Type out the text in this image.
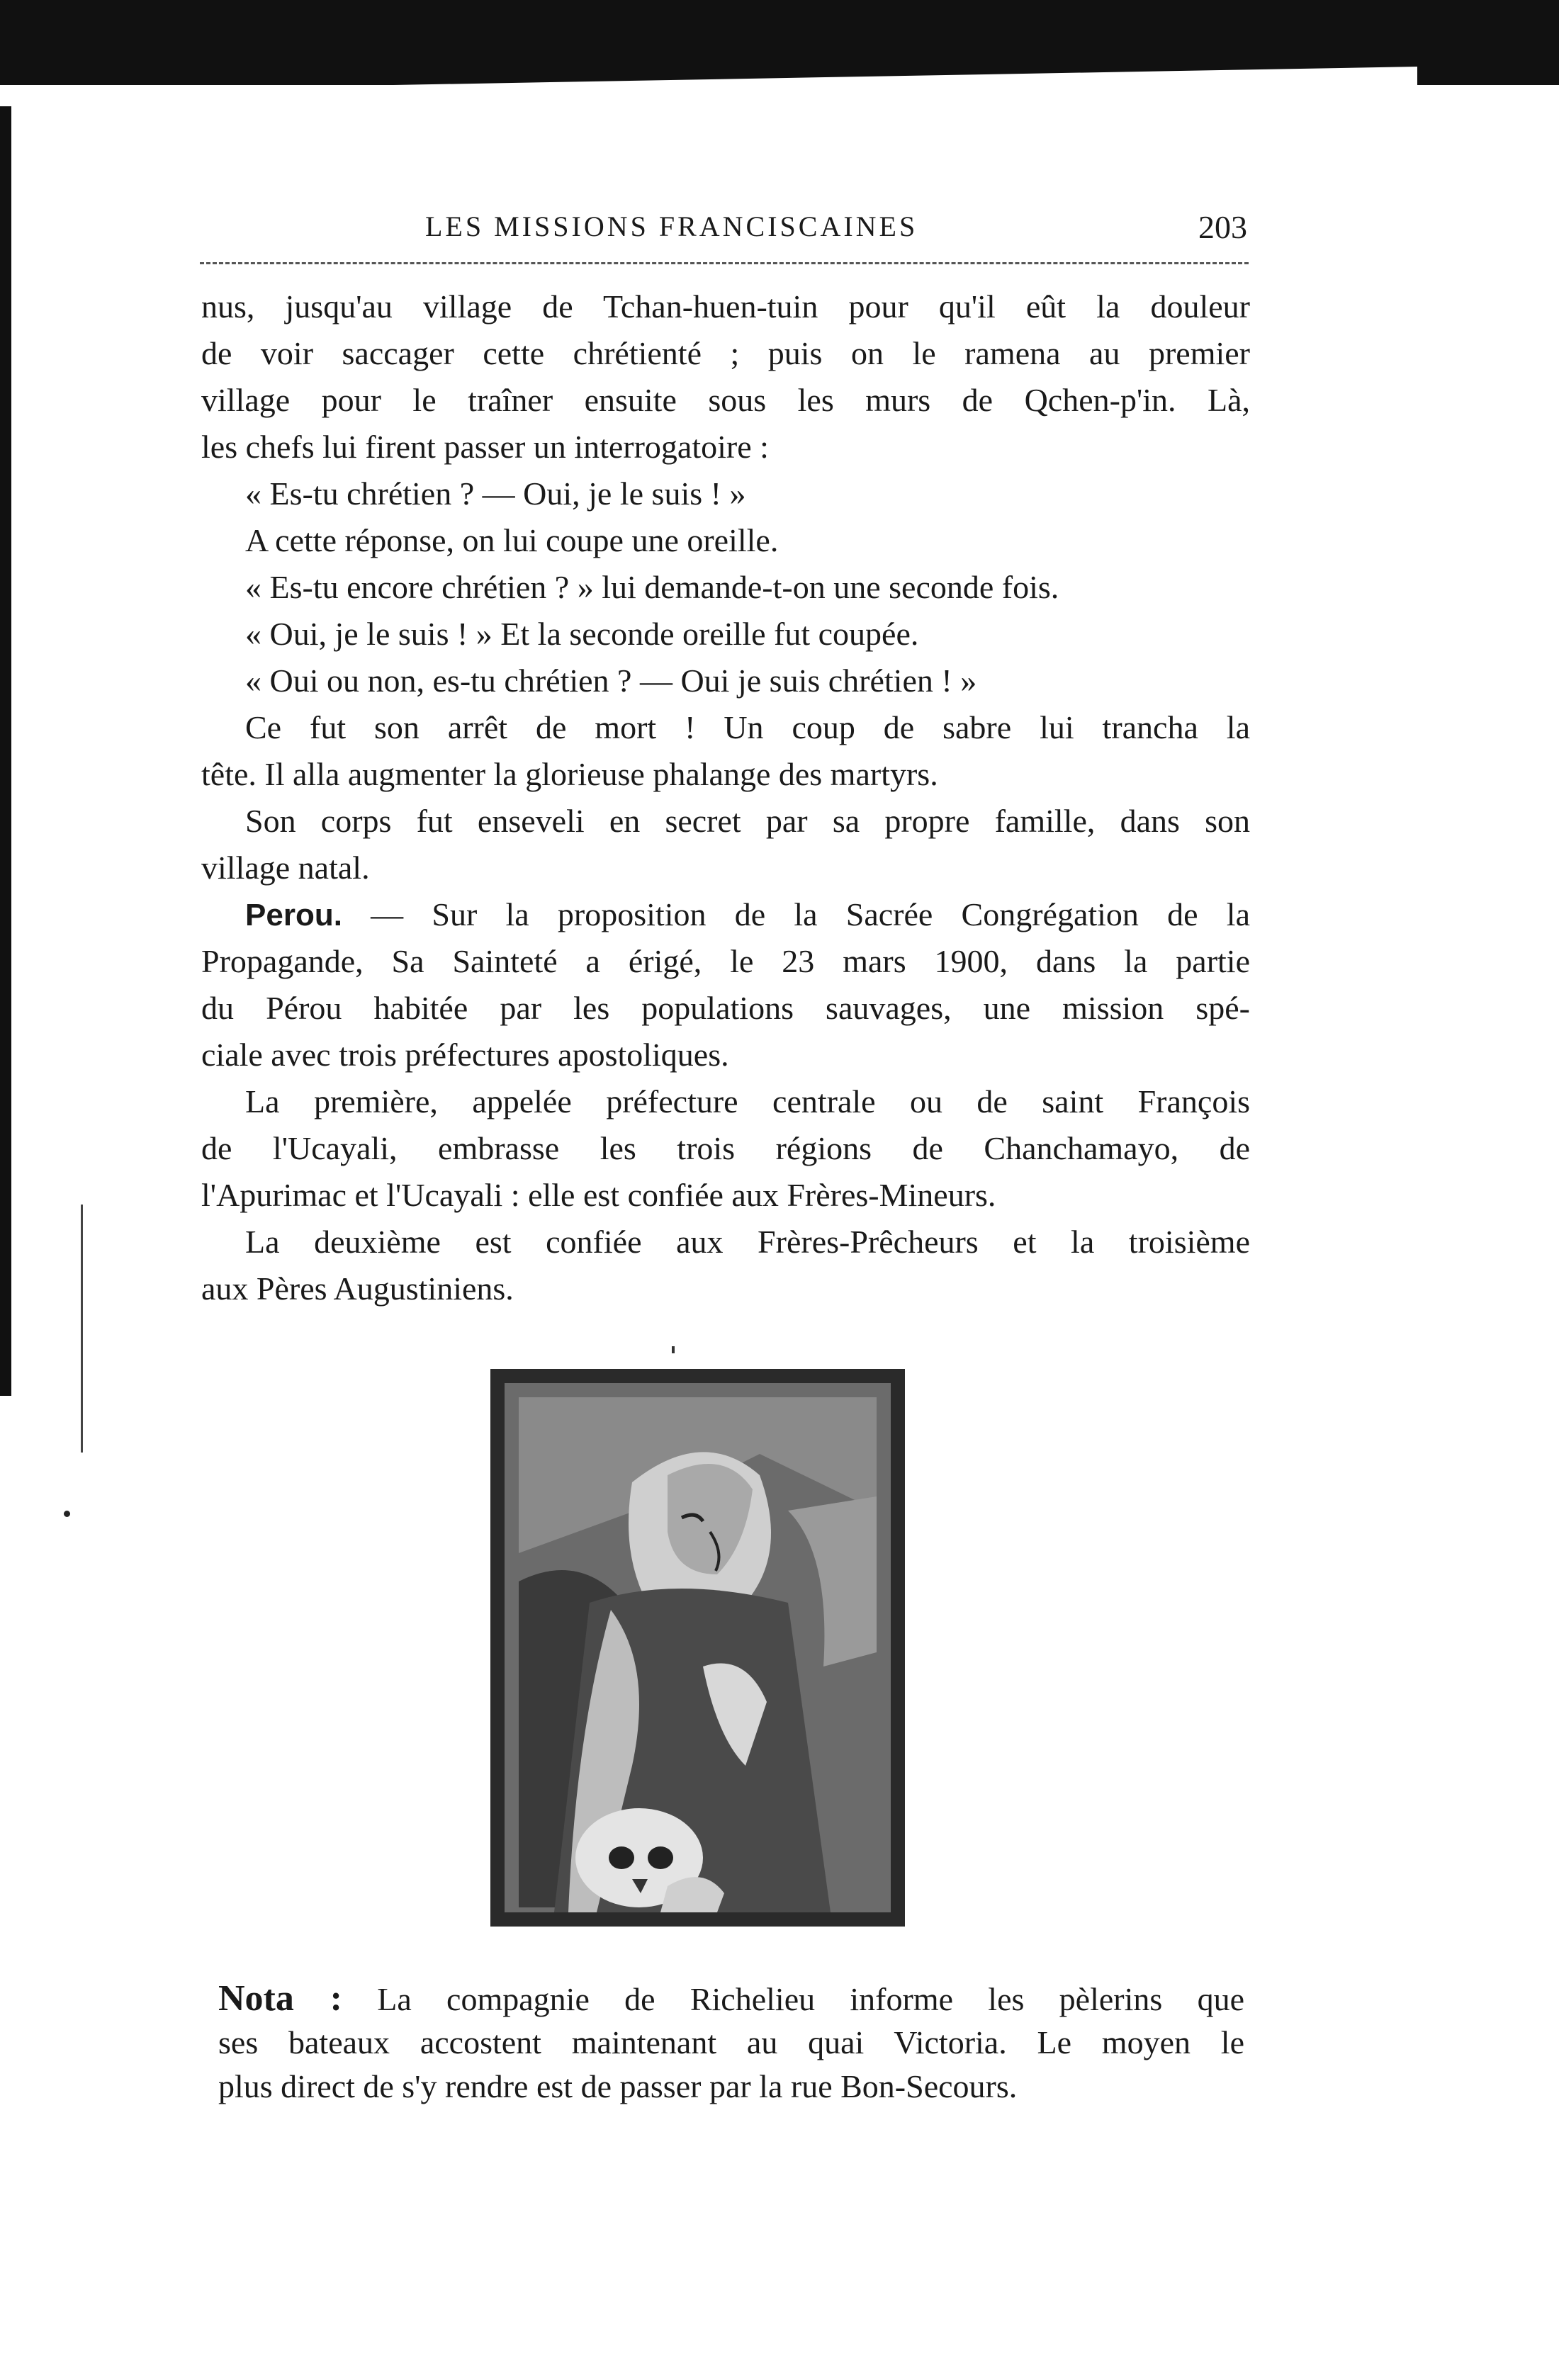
LES MISSIONS FRANCISCAINES	203
nus, jusqu'au village de Tchan-huen-tuin pour qu'il eût la douleur
de voir saccager cette chrétienté ; puis on le ramena au premier
village pour le traîner ensuite sous les murs de Qchen-p'in. Là,
les chefs lui firent passer un interrogatoire :
« Es-tu chrétien ? — Oui, je le suis ! »
A cette réponse, on lui coupe une oreille.
« Es-tu encore chrétien ? » lui demande-t-on une seconde fois.
« Oui, je le suis ! » Et la seconde oreille fut coupée.
« Oui ou non, es-tu chrétien ? — Oui je suis chrétien ! »
Ce fut son arrêt de mort ! Un coup de sabre lui trancha la
tête. Il alla augmenter la glorieuse phalange des martyrs.
Son corps fut enseveli en secret par sa propre famille, dans son
village natal.
Perou. — Sur la proposition de la Sacrée Congrégation de la
Propagande, Sa Sainteté a érigé, le 23 mars 1900, dans la partie
du Pérou habitée par les populations sauvages, une mission spé-
ciale avec trois préfectures apostoliques.
La première, appelée préfecture centrale ou de saint François
de l'Ucayali, embrasse les trois régions de Chanchamayo, de
l'Apurimac et l'Ucayali : elle est confiée aux Frères-Mineurs.
La deuxième est confiée aux Frères-Prêcheurs et la troisième
aux Pères Augustiniens.
Nota : La compagnie de Richelieu informe les pèlerins que
ses bateaux accostent maintenant au quai Victoria. Le moyen le
plus direct de s'y rendre est de passer par la rue Bon-Secours.
